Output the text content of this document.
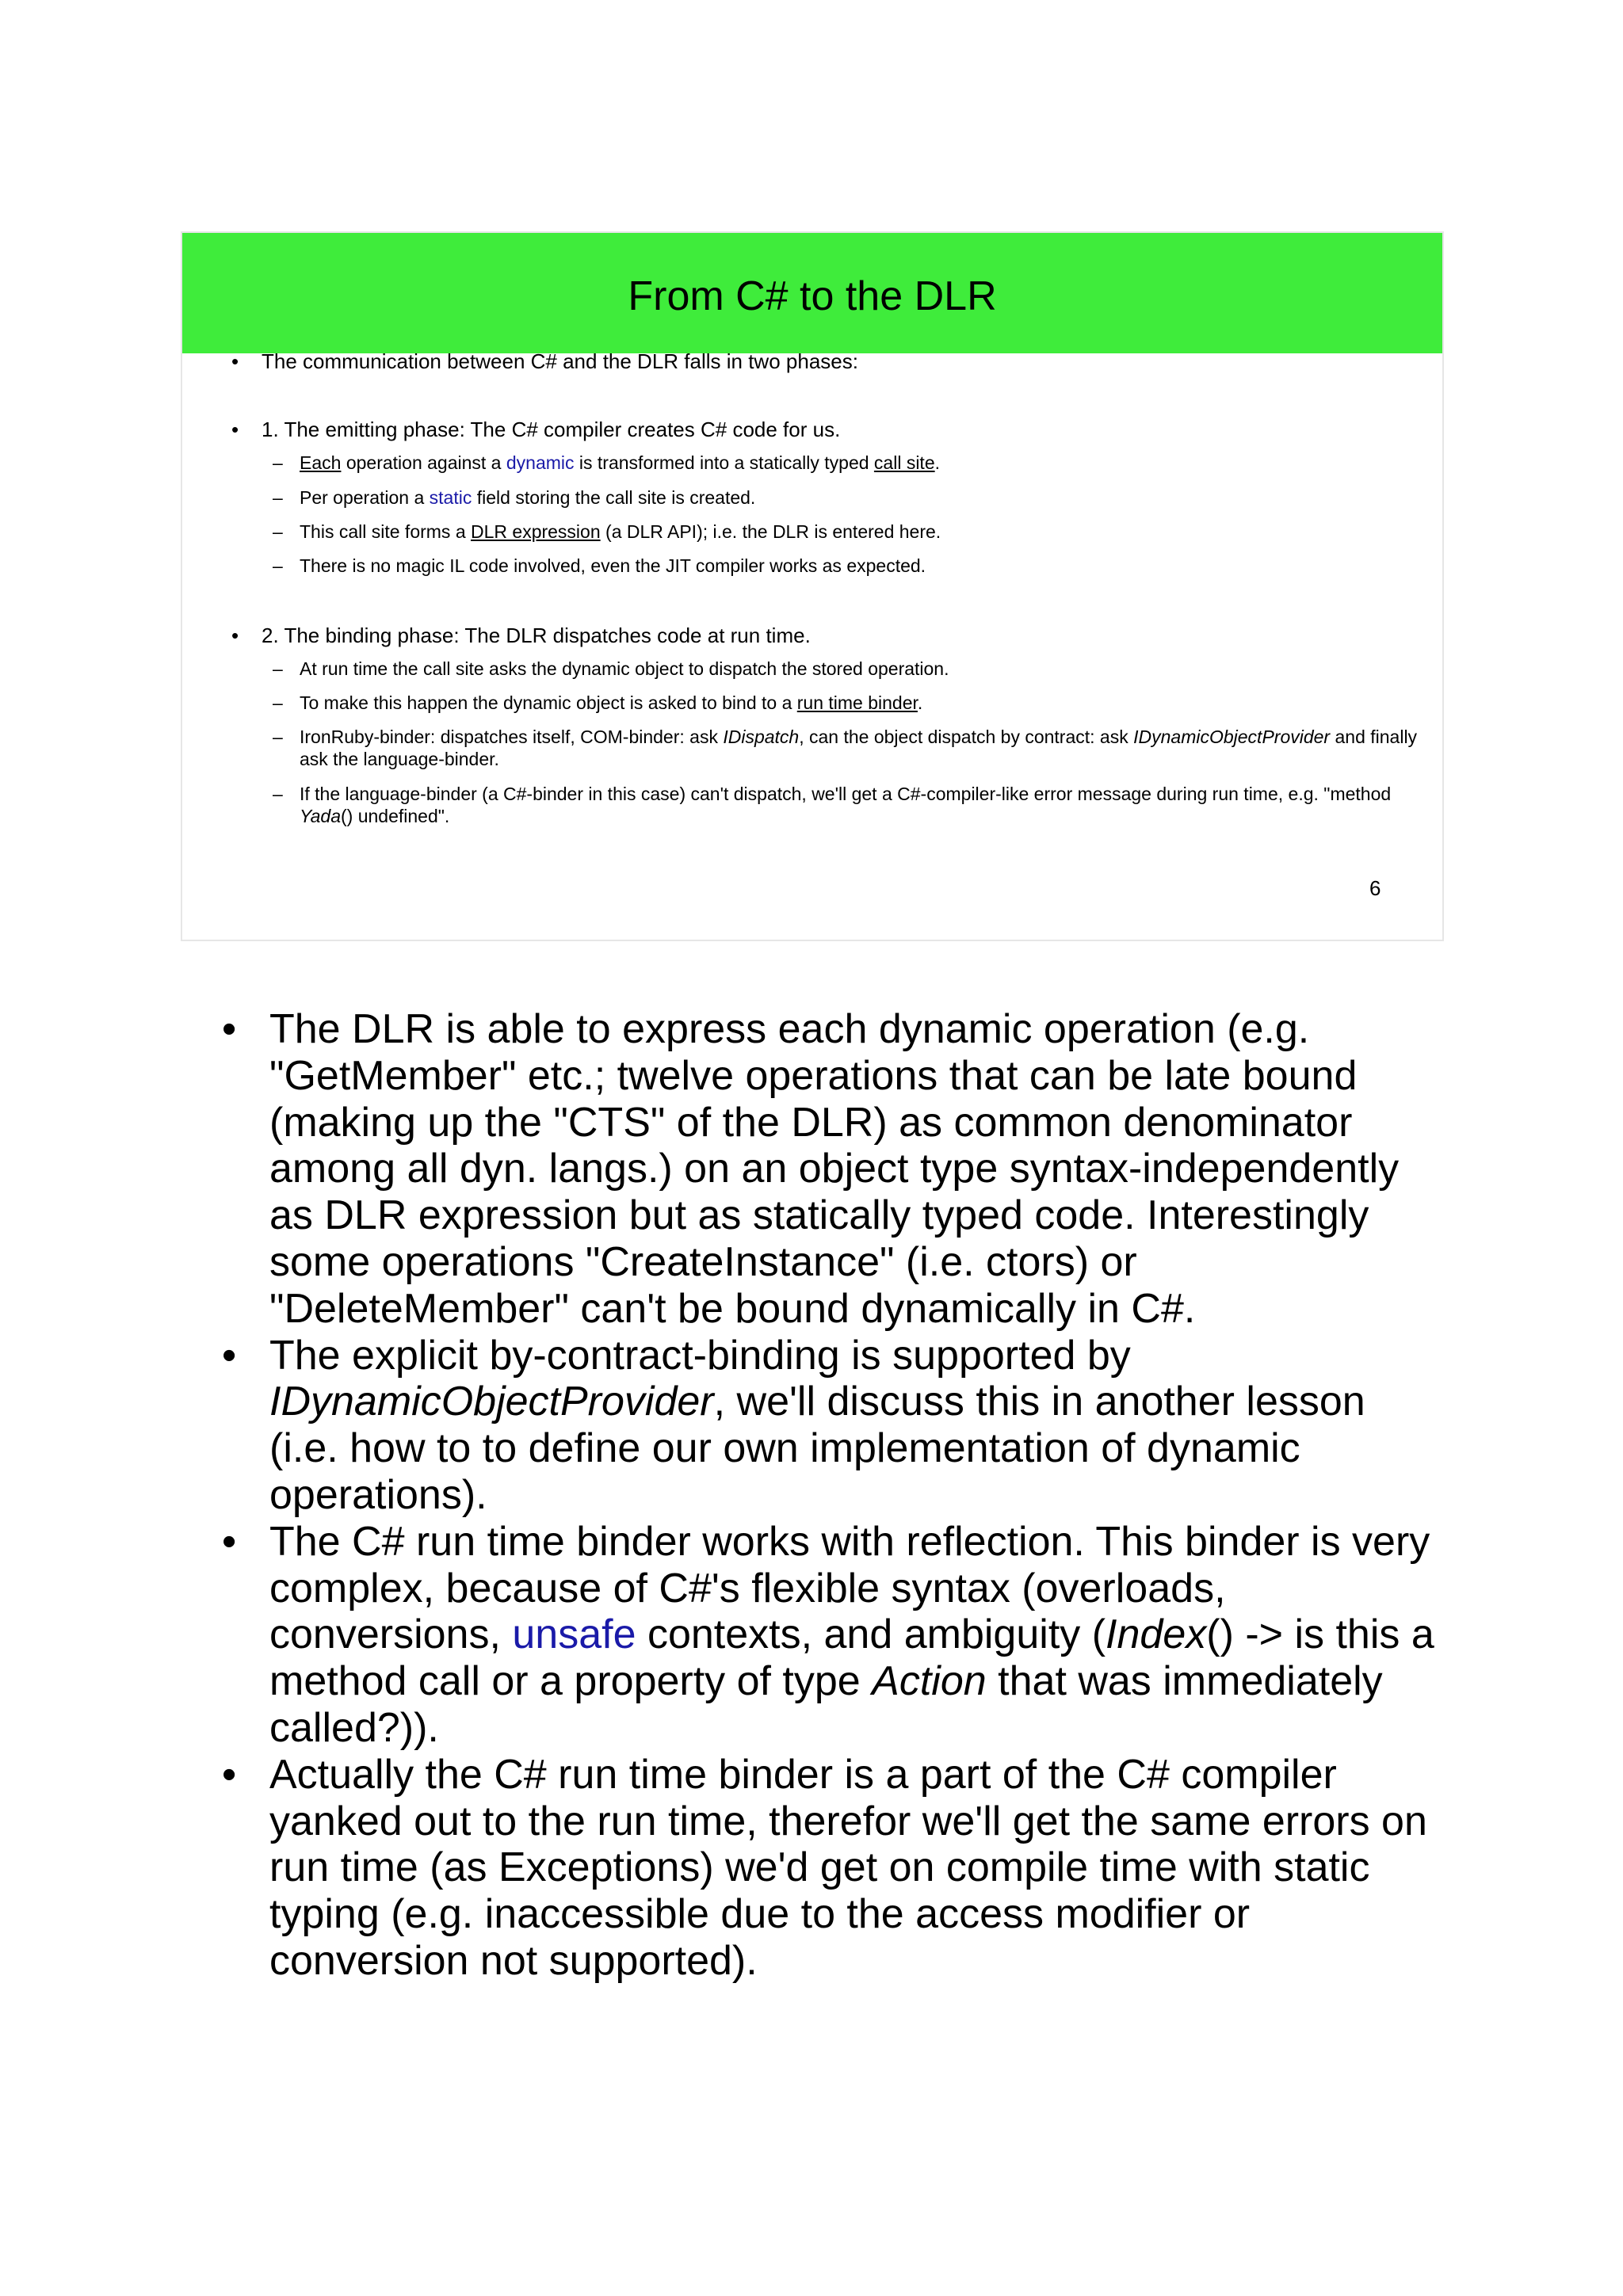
From C# to the DLR
• The communication between C# and the DLR falls in two phases:
• 1. The emitting phase: The C# compiler creates C# code for us.
– Each operation against a dynamic is transformed into a statically typed call site.
– Per operation a static field storing the call site is created.
– This call site forms a DLR expression (a DLR API); i.e. the DLR is entered here.
– There is no magic IL code involved, even the JIT compiler works as expected.
• 2. The binding phase: The DLR dispatches code at run time.
– At run time the call site asks the dynamic object to dispatch the stored operation.
– To make this happen the dynamic object is asked to bind to a run time binder.
– IronRuby-binder: dispatches itself, COM-binder: ask IDispatch, can the object dispatch by contract: ask IDynamicObjectProvider and finally ask the language-binder.
– If the language-binder (a C#-binder in this case) can't dispatch, we'll get a C#-compiler-like error message during run time, e.g. "method Yada() undefined".
6

• The DLR is able to express each dynamic operation (e.g. "GetMember" etc.; twelve operations that can be late bound (making up the "CTS" of the DLR) as common denominator among all dyn. langs.) on an object type syntax-independently as DLR expression but as statically typed code. Interestingly some operations "CreateInstance" (i.e. ctors) or "DeleteMember" can't be bound dynamically in C#.

• The explicit by-contract-binding is supported by IDynamicObjectProvider, we'll discuss this in another lesson (i.e. how to to define our own implementation of dynamic operations).

• The C# run time binder works with reflection. This binder is very complex, because of C#'s flexible syntax (overloads, conversions, unsafe contexts, and ambiguity (Index() -> is this a method call or a property of type Action that was immediately called?)).

• Actually the C# run time binder is a part of the C# compiler yanked out to the run time, therefor we'll get the same errors on run time (as Exceptions) we'd get on compile time with static typing (e.g. inaccessible due to the access modifier or conversion not supported).
